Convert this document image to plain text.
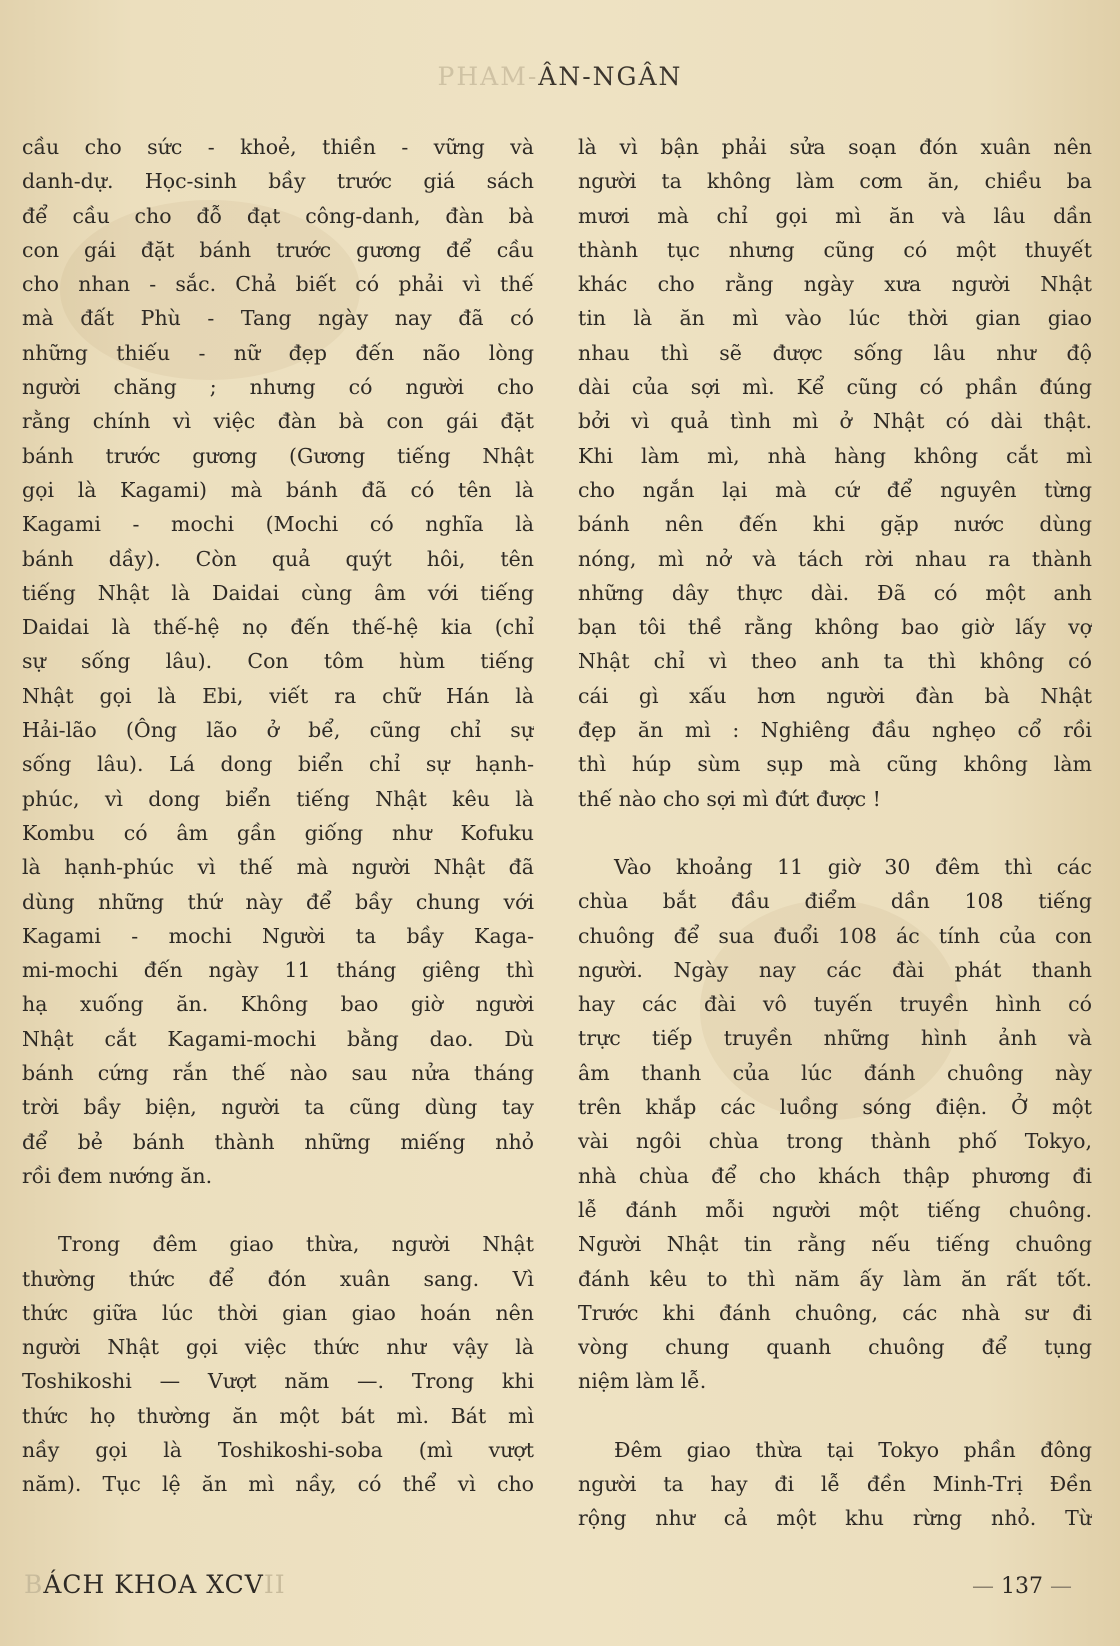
PHAM-ÂN-NGÂN
cầu cho sức - khoẻ, thiền - vững và
danh-dự. Học-sinh bầy trước giá sách
để cầu cho đỗ đạt công-danh, đàn bà
con gái đặt bánh trước gương để cầu
cho nhan - sắc. Chả biết có phải vì thế
mà đất Phù - Tang ngày nay đã có
những thiếu - nữ đẹp đến não lòng
người chăng ; nhưng có người cho
rằng chính vì việc đàn bà con gái đặt
bánh trước gương (Gương tiếng Nhật
gọi là Kagami) mà bánh đã có tên là
Kagami - mochi (Mochi có nghĩa là
bánh dầy). Còn quả quýt hôi, tên
tiếng Nhật là Daidai cùng âm với tiếng
Daidai là thế-hệ nọ đến thế-hệ kia (chỉ
sự sống lâu). Con tôm hùm tiếng
Nhật gọi là Ebi, viết ra chữ Hán là
Hải-lão (Ông lão ở bể, cũng chỉ sự
sống lâu). Lá dong biển chỉ sự hạnh-
phúc, vì dong biển tiếng Nhật kêu là
Kombu có âm gần giống như Kofuku
là hạnh-phúc vì thế mà người Nhật đã
dùng những thứ này để bầy chung với
Kagami - mochi Người ta bầy Kaga-
mi-mochi đến ngày 11 tháng giêng thì
hạ xuống ăn. Không bao giờ người
Nhật cắt Kagami-mochi bằng dao. Dù
bánh cứng rắn thế nào sau nửa tháng
trời bầy biện, người ta cũng dùng tay
để bẻ bánh thành những miếng nhỏ
rồi đem nướng ăn.
Trong đêm giao thừa, người Nhật
thường thức để đón xuân sang. Vì
thức giữa lúc thời gian giao hoán nên
người Nhật gọi việc thức như vậy là
Toshikoshi — Vượt năm —. Trong khi
thức họ thường ăn một bát mì. Bát mì
nầy gọi là Toshikoshi-soba (mì vượt
năm). Tục lệ ăn mì nầy, có thể vì cho
là vì bận phải sửa soạn đón xuân nên
người ta không làm cơm ăn, chiều ba
mươi mà chỉ gọi mì ăn và lâu dần
thành tục nhưng cũng có một thuyết
khác cho rằng ngày xưa người Nhật
tin là ăn mì vào lúc thời gian giao
nhau thì sẽ được sống lâu như độ
dài của sợi mì. Kể cũng có phần đúng
bởi vì quả tình mì ở Nhật có dài thật.
Khi làm mì, nhà hàng không cắt mì
cho ngắn lại mà cứ để nguyên từng
bánh nên đến khi gặp nước dùng
nóng, mì nở và tách rời nhau ra thành
những dây thực dài. Đã có một anh
bạn tôi thề rằng không bao giờ lấy vợ
Nhật chỉ vì theo anh ta thì không có
cái gì xấu hơn người đàn bà Nhật
đẹp ăn mì : Nghiêng đầu nghẹo cổ rồi
thì húp sùm sụp mà cũng không làm
thế nào cho sợi mì đứt được !
Vào khoảng 11 giờ 30 đêm thì các
chùa bắt đầu điểm dần 108 tiếng
chuông để sua đuổi 108 ác tính của con
người. Ngày nay các đài phát thanh
hay các đài vô tuyến truyền hình có
trực tiếp truyền những hình ảnh và
âm thanh của lúc đánh chuông này
trên khắp các luồng sóng điện. Ở một
vài ngôi chùa trong thành phố Tokyo,
nhà chùa để cho khách thập phương đi
lễ đánh mỗi người một tiếng chuông.
Người Nhật tin rằng nếu tiếng chuông
đánh kêu to thì năm ấy làm ăn rất tốt.
Trước khi đánh chuông, các nhà sư đi
vòng chung quanh chuông để tụng
niệm làm lễ.
Đêm giao thừa tại Tokyo phần đông
người ta hay đi lễ đền Minh-Trị Đền
rộng như cả một khu rừng nhỏ. Từ
BÁCH KHOA XCVII	— 137 —
